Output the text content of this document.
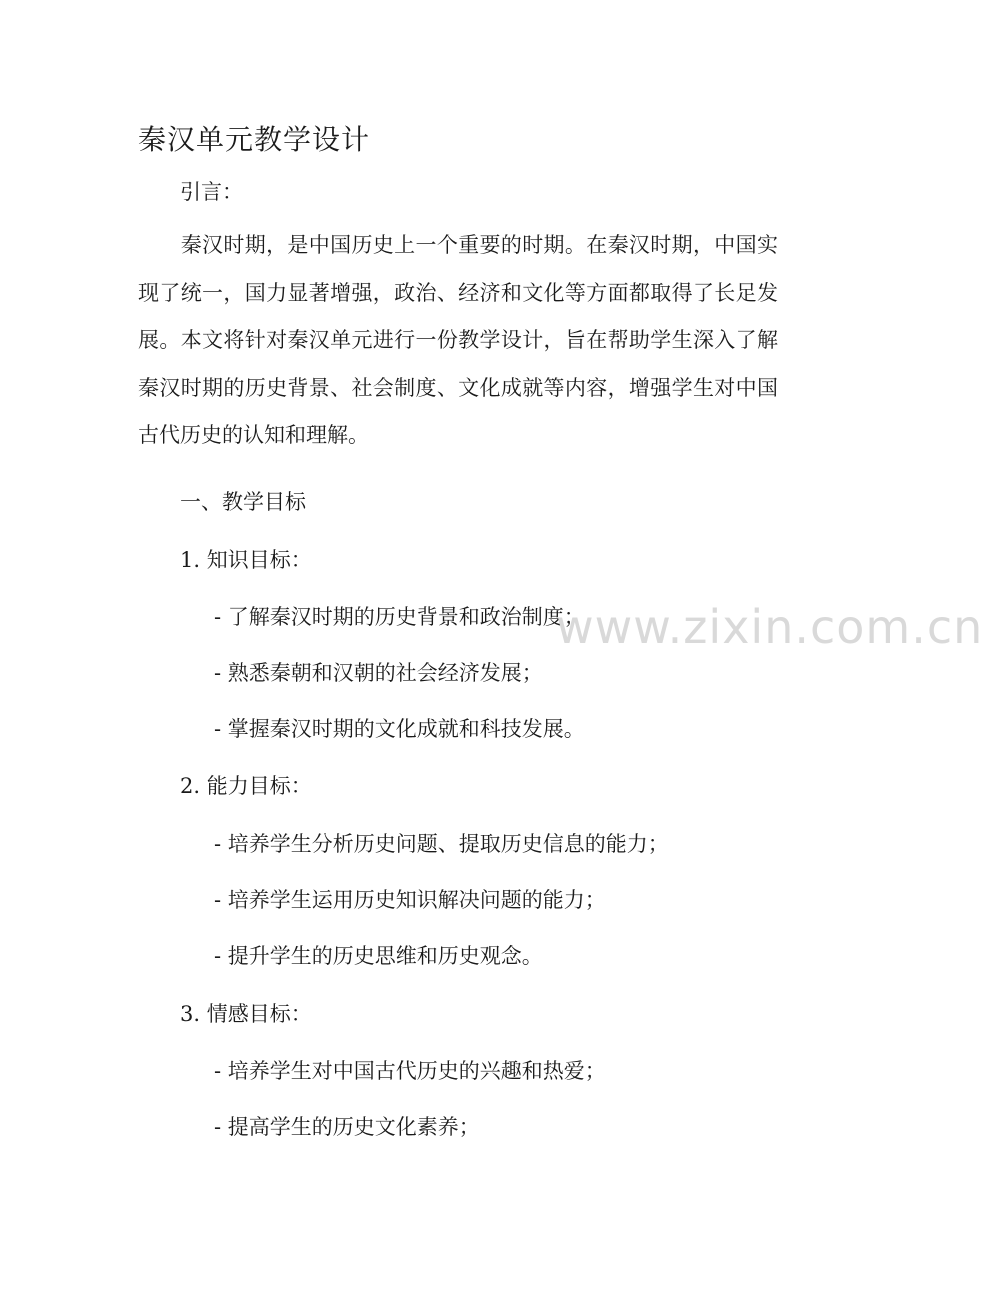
秦汉单元教学设计

引言：

　　秦汉时期，是中国历史上一个重要的时期。在秦汉时期，中国实现了统一，国力显著增强，政治、经济和文化等方面都取得了长足发展。本文将针对秦汉单元进行一份教学设计，旨在帮助学生深入了解秦汉时期的历史背景、社会制度、文化成就等内容，增强学生对中国古代历史的认知和理解。

一、教学目标

1. 知识目标：

- 了解秦汉时期的历史背景和政治制度；

- 熟悉秦朝和汉朝的社会经济发展；

- 掌握秦汉时期的文化成就和科技发展。

2. 能力目标：

- 培养学生分析历史问题、提取历史信息的能力；

- 培养学生运用历史知识解决问题的能力；

- 提升学生的历史思维和历史观念。

3. 情感目标：

- 培养学生对中国古代历史的兴趣和热爱；

- 提高学生的历史文化素养；

www.zixin.com.cn
